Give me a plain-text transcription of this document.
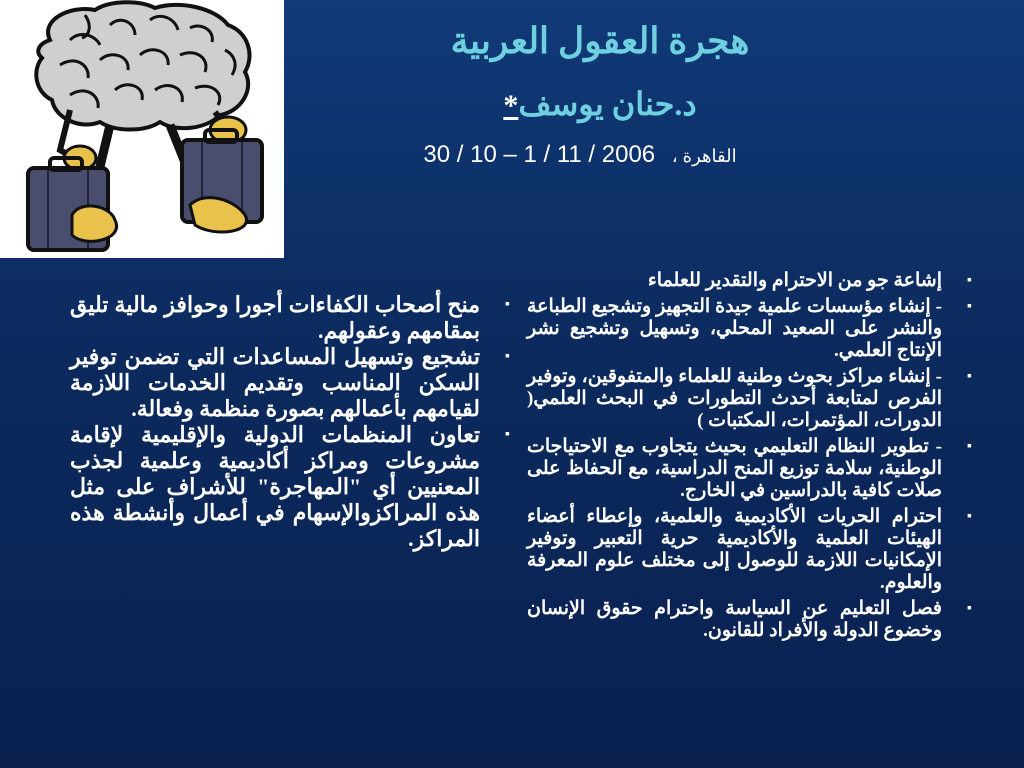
هجرة العقول العربية
د.حنان يوسف*
القاهرة ، 30 / 10 – 1 / 11 / 2006
▪
إشاعة جو من الاحترام والتقدير للعلماء
▪
- إنشاء مؤسسات علمية جيدة التجهيز وتشجيع الطباعة والنشر على الصعيد المحلي، وتسهيل وتشجيع نشر الإنتاج العلمي.
▪
- إنشاء مراكز بحوث وطنية للعلماء والمتفوقين، وتوفير الفرص لمتابعة أحدث التطورات في البحث العلمي( الدورات، المؤتمرات، المكتبات )
▪
- تطوير النظام التعليمي بحيث يتجاوب مع الاحتياجات الوطنية، سلامة توزيع المنح الدراسية، مع الحفاظ على صلات كافية بالدراسين في الخارج.
▪
احترام الحريات الأكاديمية والعلمية، وإعطاء أعضاء الهيئات العلمية والأكاديمية حرية التعبير وتوفير الإمكانيات اللازمة للوصول إلى مختلف علوم المعرفة والعلوم.
▪
فصل التعليم عن السياسة واحترام حقوق الإنسان وخضوع الدولة والأفراد للقانون.
▪
منح أصحاب الكفاءات أجورا وحوافز مالية تليق بمقامهم وعقولهم.
▪
تشجيع وتسهيل المساعدات التي تضمن توفير السكن المناسب وتقديم الخدمات اللازمة لقيامهم بأعمالهم بصورة منظمة وفعالة.
▪
تعاون المنظمات الدولية والإقليمية لإقامة مشروعات ومراكز أكاديمية وعلمية لجذب المعنيين أي "المهاجرة" للأشراف على مثل هذه المراكزوالإسهام في أعمال وأنشطة هذه المراكز.
